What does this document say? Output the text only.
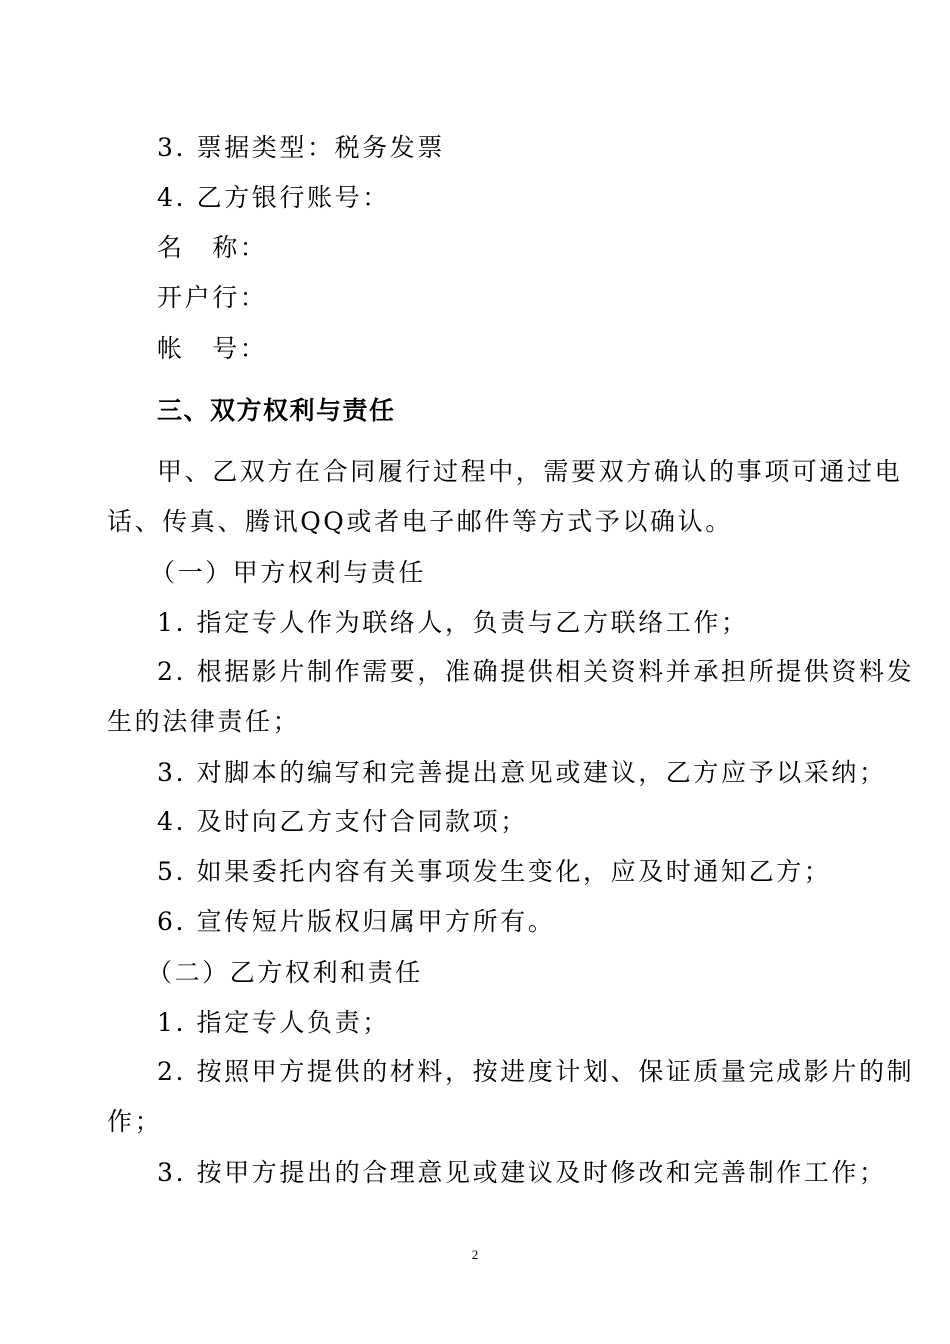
3. 票据类型：税务发票
4. 乙方银行账号：
名　称：
开户行：
帐　号：
三、双方权利与责任
甲、乙双方在合同履行过程中，需要双方确认的事项可通过电
话、传真、腾讯QQ或者电子邮件等方式予以确认。
（一）甲方权利与责任
1. 指定专人作为联络人，负责与乙方联络工作；
2. 根据影片制作需要，准确提供相关资料并承担所提供资料发
生的法律责任；
3. 对脚本的编写和完善提出意见或建议，乙方应予以采纳；
4. 及时向乙方支付合同款项；
5. 如果委托内容有关事项发生变化，应及时通知乙方；
6. 宣传短片版权归属甲方所有。
（二）乙方权利和责任
1. 指定专人负责；
2. 按照甲方提供的材料，按进度计划、保证质量完成影片的制
作；
3. 按甲方提出的合理意见或建议及时修改和完善制作工作；
2
